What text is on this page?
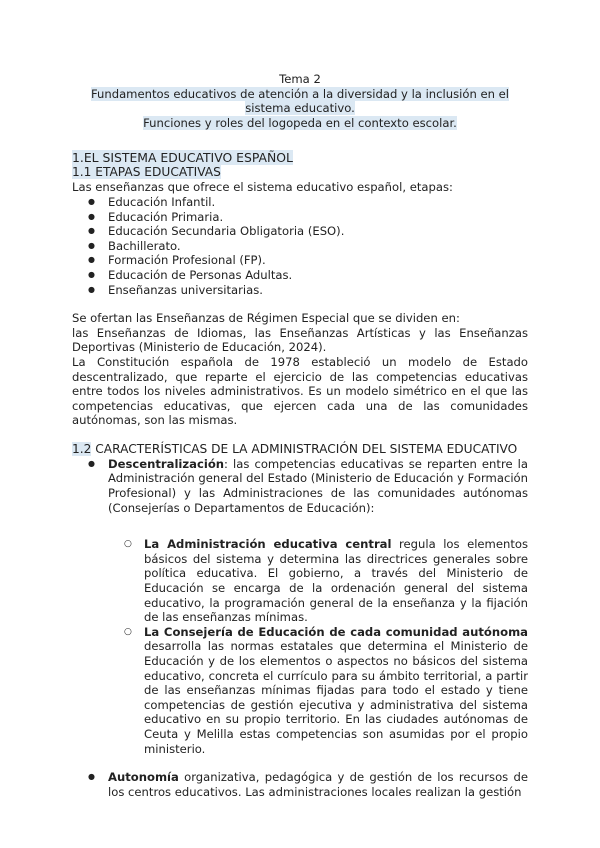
Tema 2

Fundamentos educativos de atención a la diversidad y la inclusión en el

sistema educativo.

Funciones y roles del logopeda en el contexto escolar.

1.EL SISTEMA EDUCATIVO ESPAÑOL
1.1 ETAPAS EDUCATIVAS

Las enseñanzas que ofrece el sistema educativo español, etapas:

● Educación Infantil.
● Educación Primaria.
● Educación Secundaria Obligatoria (ESO).
● Bachillerato.
● Formación Profesional (FP).
● Educación de Personas Adultas.
● Enseñanzas universitarias.

Se ofertan las Enseñanzas de Régimen Especial que se dividen en:

las Enseñanzas de Idiomas, las Enseñanzas Artísticas y las Enseñanzas Deportivas (Ministerio de Educación, 2024).

La Constitución española de 1978 estableció un modelo de Estado descentralizado, que reparte el ejercicio de las competencias educativas entre todos los niveles administrativos. Es un modelo simétrico en el que las competencias educativas, que ejercen cada una de las comunidades autónomas, son las mismas.

1.2 CARACTERÍSTICAS DE LA ADMINISTRACIÓN DEL SISTEMA EDUCATIVO
● Descentralización: las competencias educativas se reparten entre la Administración general del Estado (Ministerio de Educación y Formación Profesional) y las Administraciones de las comunidades autónomas (Consejerías o Departamentos de Educación):
○ La Administración educativa central regula los elementos básicos del sistema y determina las directrices generales sobre política educativa. El gobierno, a través del Ministerio de Educación se encarga de la ordenación general del sistema educativo, la programación general de la enseñanza y la fijación de las enseñanzas mínimas.
○ La Consejería de Educación de cada comunidad autónoma desarrolla las normas estatales que determina el Ministerio de Educación y de los elementos o aspectos no básicos del sistema educativo, concreta el currículo para su ámbito territorial, a partir de las enseñanzas mínimas fijadas para todo el estado y tiene competencias de gestión ejecutiva y administrativa del sistema educativo en su propio territorio. En las ciudades autónomas de Ceuta y Melilla estas competencias son asumidas por el propio ministerio.
● Autonomía organizativa, pedagógica y de gestión de los recursos de los centros educativos. Las administraciones locales realizan la gestión
